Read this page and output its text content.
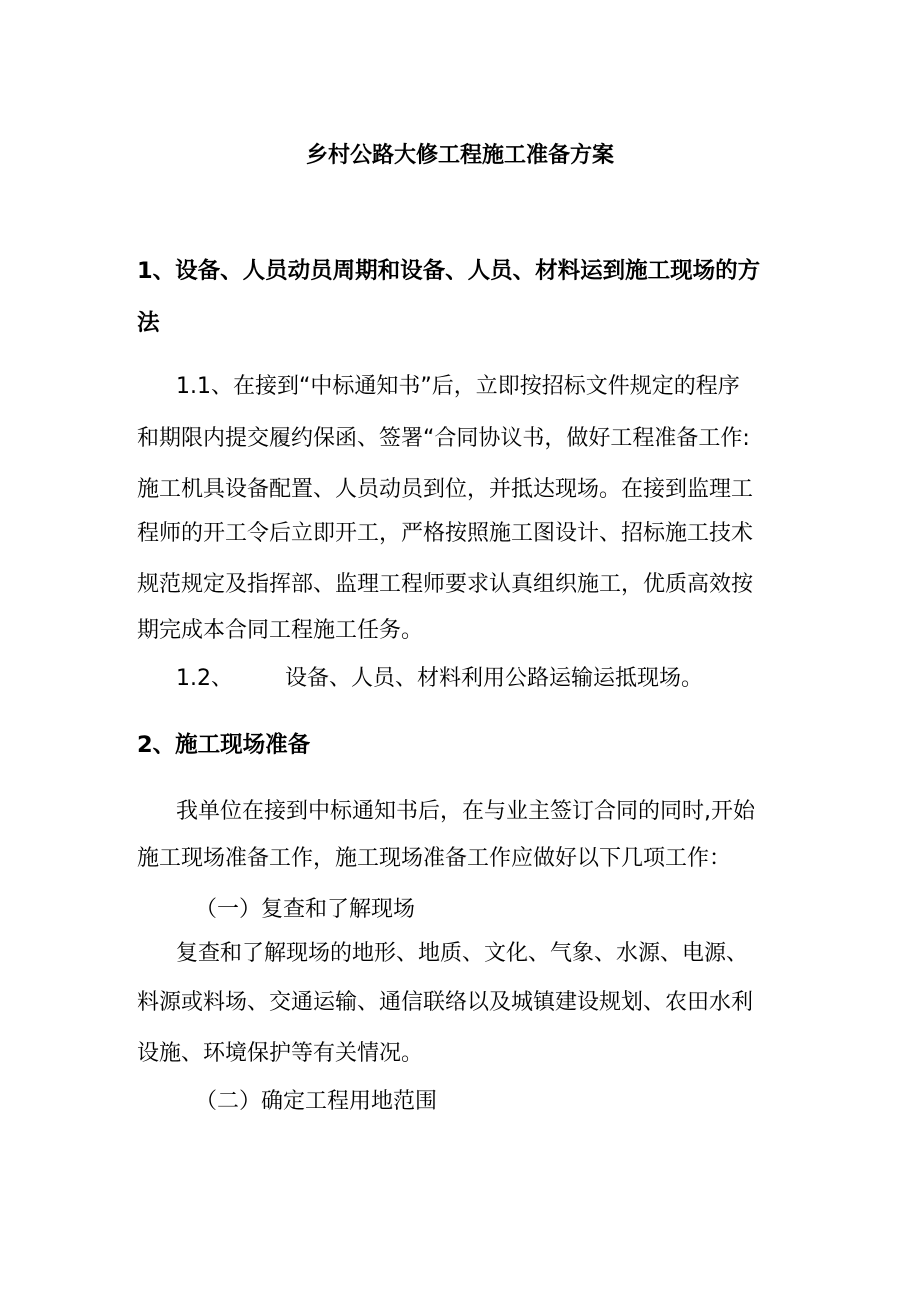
乡村公路大修工程施工准备方案
1、设备、人员动员周期和设备、人员、材料运到施工现场的方
法
1.1、在接到“中标通知书”后，立即按招标文件规定的程序
和期限内提交履约保函、签署“合同协议书，做好工程准备工作:
施工机具设备配置、人员动员到位，并抵达现场。在接到监理工
程师的开工令后立即开工，严格按照施工图设计、招标施工技术
规范规定及指挥部、监理工程师要求认真组织施工，优质高效按
期完成本合同工程施工任务。
1.2、 设备、人员、材料利用公路运输运抵现场。
2、施工现场准备
我单位在接到中标通知书后，在与业主签订合同的同时,开始
施工现场准备工作，施工现场准备工作应做好以下几项工作：
（一）复查和了解现场
复查和了解现场的地形、地质、文化、气象、水源、电源、
料源或料场、交通运输、通信联络以及城镇建设规划、农田水利
设施、环境保护等有关情况。
（二）确定工程用地范围
